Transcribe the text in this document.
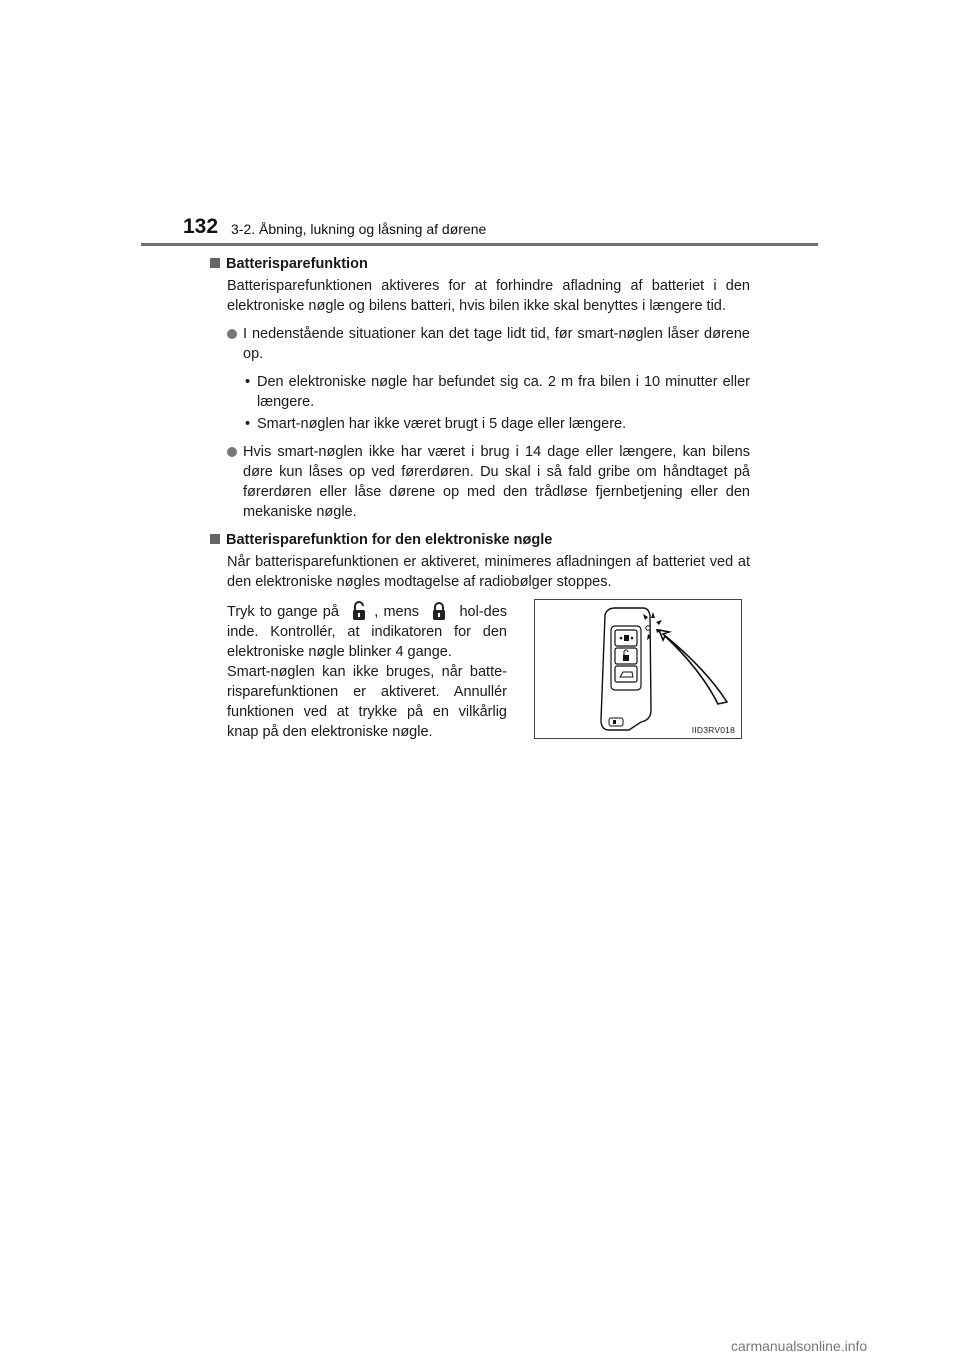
132 3-2. Åbning, lukning og låsning af dørene
Batterisparefunktion

Batterisparefunktionen aktiveres for at forhindre afladning af batteriet i den elektroniske nøgle og bilens batteri, hvis bilen ikke skal benyttes i længere tid.

I nedenstående situationer kan det tage lidt tid, før smart-nøglen låser dørene op.
• Den elektroniske nøgle har befundet sig ca. 2 m fra bilen i 10 minutter eller længere.
• Smart-nøglen har ikke været brugt i 5 dage eller længere.
Hvis smart-nøglen ikke har været i brug i 14 dage eller længere, kan bilens døre kun låses op ved førerdøren. Du skal i så fald gribe om håndtaget på førerdøren eller låse dørene op med den trådløse fjernbetjening eller den mekaniske nøgle.
Batterisparefunktion for den elektroniske nøgle

Når batterisparefunktionen er aktiveret, minimeres afladningen af batteriet ved at den elektroniske nøgles modtagelse af radiobølger stoppes.

Tryk to gange på , mens	hol-des inde. Kontrollér, at indikatoren for den elektroniske nøgle blinker 4 gange.
Smart-nøglen kan ikke bruges, når batte-risparefunktionen er aktiveret. Annullér funktionen ved at trykke på en vilkårlig knap på den elektroniske nøgle.	IID3RV018
carmanualsonline.info
